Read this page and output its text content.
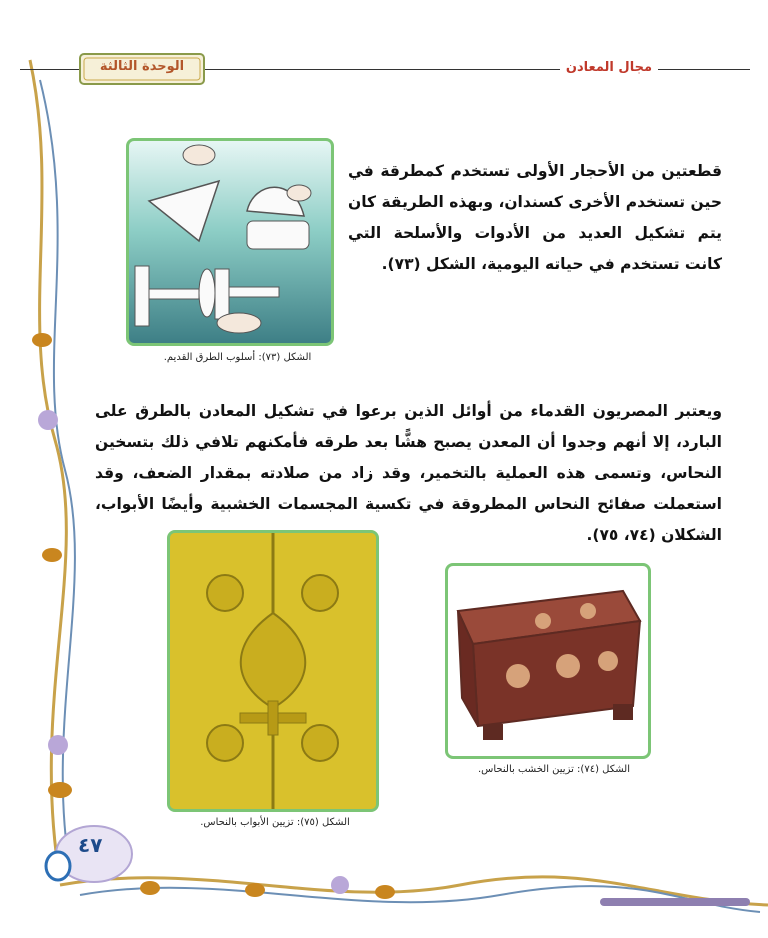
مجال المعادن
الوحدة الثالثة

قطعتين من الأحجار الأولى تستخدم كمطرقة في حين تستخدم الأخرى كسندان، وبهذه الطريقة كان يتم تشكيل العديد من الأدوات والأسلحة التي كانت تستخدم في حياته اليومية، الشكل (٧٣).

الشكل (٧٣): أسلوب الطرق القديم.

ويعتبر المصريون القدماء من أوائل الذين برعوا في تشكيل المعادن بالطرق على البارد، إلا أنهم وجدوا أن المعدن يصبح هشًّا بعد طرقه فأمكنهم تلافي ذلك بتسخين النحاس، وتسمى هذه العملية بالتخمير، وقد زاد من صلادته بمقدار الضعف، وقد استعملت صفائح النحاس المطروقة في تكسية المجسمات الخشبية وأيضًا الأبواب، الشكلان (٧٤، ٧٥).

الشكل (٧٥): تزيين الأبواب بالنحاس.
الشكل (٧٤): تزيين الخشب بالنحاس.
٤٧
